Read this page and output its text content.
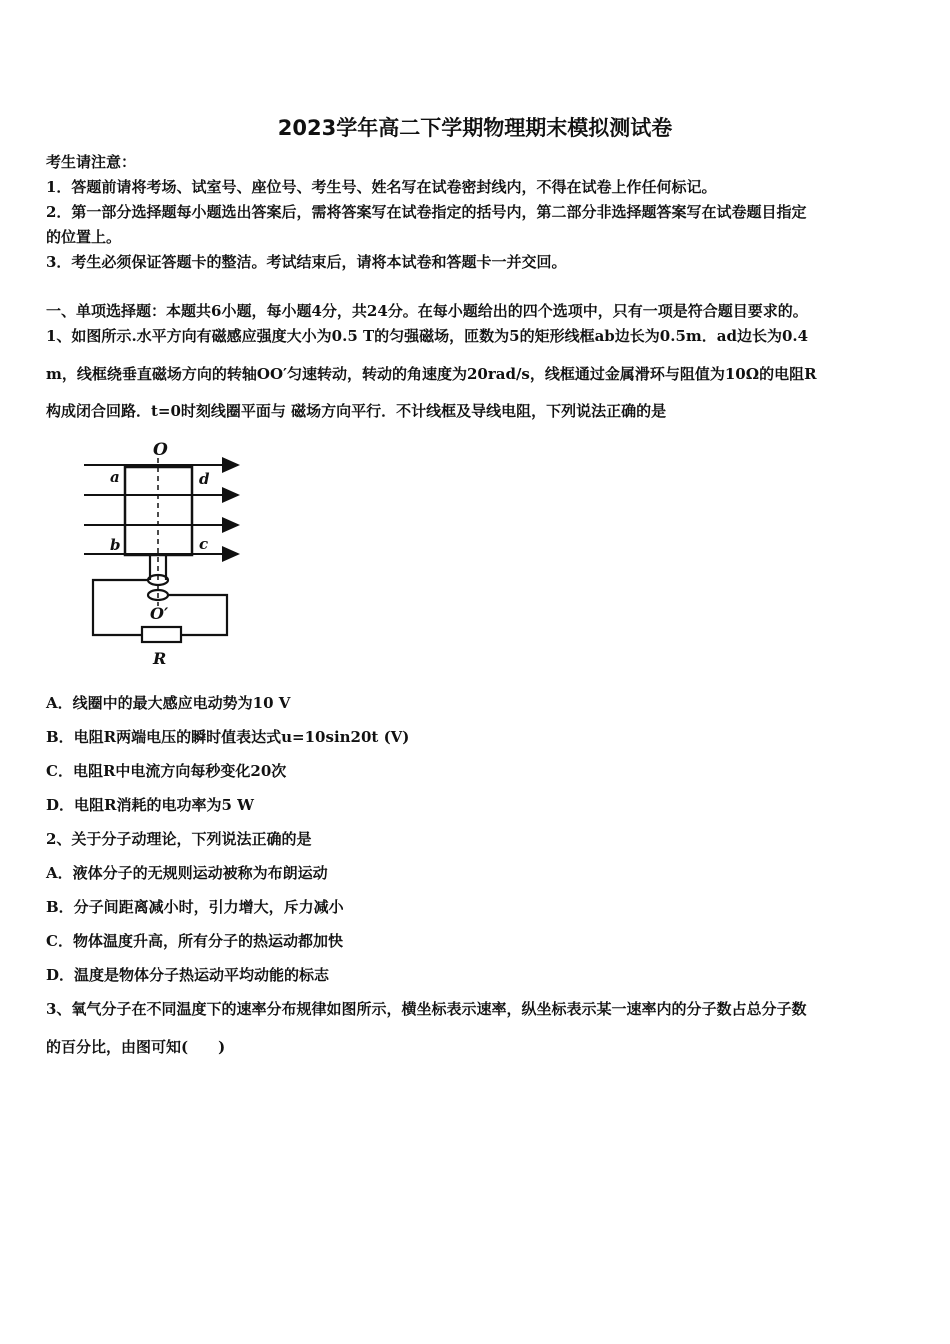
2023学年高二下学期物理期末模拟测试卷
考生请注意：
1．答题前请将考场、试室号、座位号、考生号、姓名写在试卷密封线内，不得在试卷上作任何标记。
2．第一部分选择题每小题选出答案后，需将答案写在试卷指定的括号内，第二部分非选择题答案写在试卷题目指定
的位置上。
3．考生必须保证答题卡的整洁。考试结束后，请将本试卷和答题卡一并交回。
一、单项选择题：本题共6小题，每小题4分，共24分。在每小题给出的四个选项中，只有一项是符合题目要求的。
1、如图所示.水平方向有磁感应强度大小为0.5 T的匀强磁场，匝数为5的矩形线框ab边长为0.5m．ad边长为0.4
m，线框绕垂直磁场方向的转轴OO′匀速转动，转动的角速度为20rad/s，线框通过金属滑环与阻值为10Ω的电阻R
构成闭合回路．t=0时刻线圈平面与 磁场方向平行．不计线框及导线电阻，下列说法正确的是
O
a	d
b	c
O′
R
A．线圈中的最大感应电动势为10 V
B．电阻R两端电压的瞬时值表达式u=10sin20t (V)
C．电阻R中电流方向每秒变化20次
D．电阻R消耗的电功率为5 W
2、关于分子动理论，下列说法正确的是
A．液体分子的无规则运动被称为布朗运动
B．分子间距离减小时，引力增大，斥力减小
C．物体温度升高，所有分子的热运动都加快
D．温度是物体分子热运动平均动能的标志
3、氧气分子在不同温度下的速率分布规律如图所示，横坐标表示速率，纵坐标表示某一速率内的分子数占总分子数
的百分比，由图可知(　　)
